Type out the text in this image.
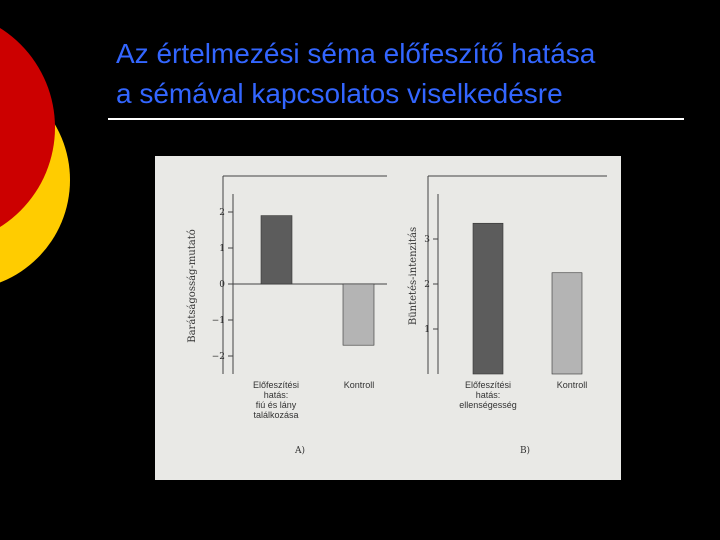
Az értelmezési séma előfeszítő hatása
a sémával kapcsolatos viselkedésre
2
1
0
−1
−2
Barátságosság-mutató
Előfeszítési
hatás:
fiú és lány
találkozása
Kontroll
A)
3
2
1
Büntetés-intenzitás
Előfeszítési
hatás:
ellenségesség
Kontroll
B)
